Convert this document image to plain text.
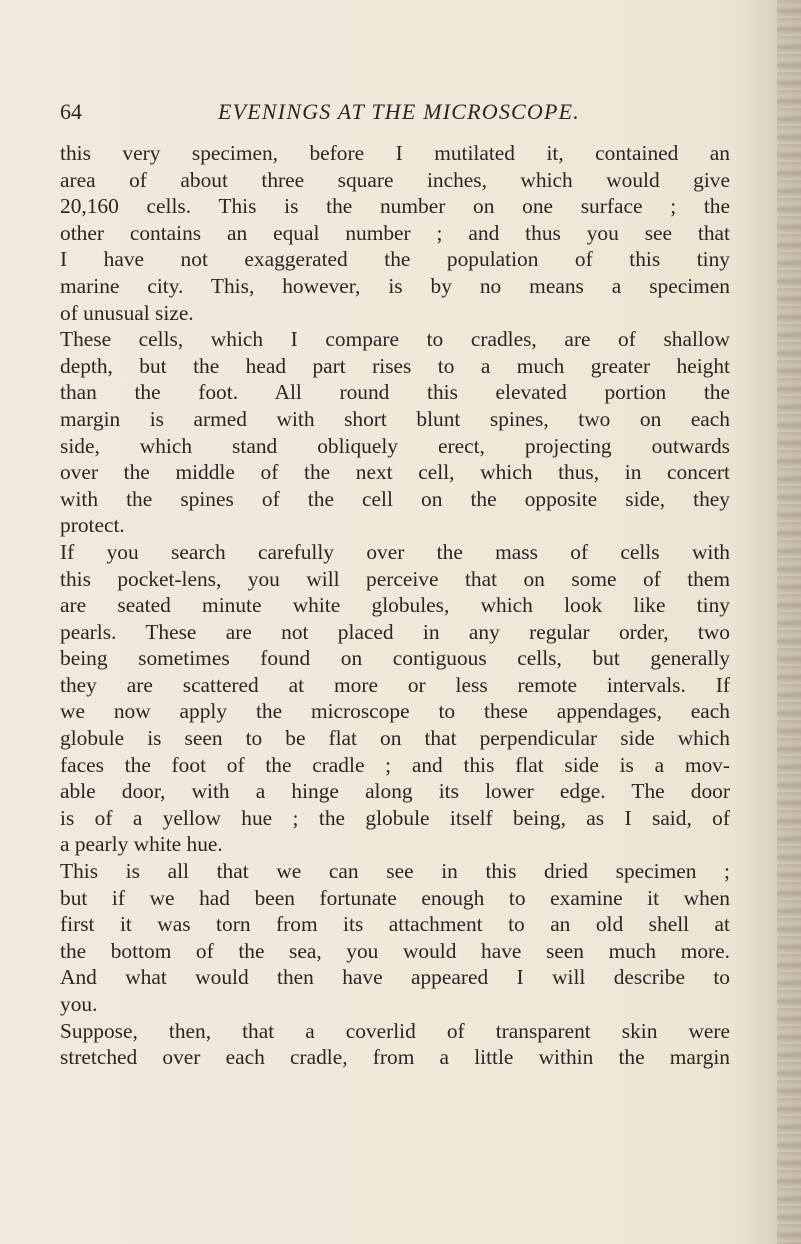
64	EVENINGS AT THE MICROSCOPE.
this very specimen, before I mutilated it, contained an
area of about three square inches, which would give
20,160 cells. This is the number on one surface ; the
other contains an equal number ; and thus you see that
I have not exaggerated the population of this tiny
marine city. This, however, is by no means a specimen
of unusual size.
These cells, which I compare to cradles, are of shallow
depth, but the head part rises to a much greater height
than the foot. All round this elevated portion the
margin is armed with short blunt spines, two on each
side, which stand obliquely erect, projecting outwards
over the middle of the next cell, which thus, in concert
with the spines of the cell on the opposite side, they
protect.
If you search carefully over the mass of cells with
this pocket-lens, you will perceive that on some of them
are seated minute white globules, which look like tiny
pearls. These are not placed in any regular order, two
being sometimes found on contiguous cells, but generally
they are scattered at more or less remote intervals. If
we now apply the microscope to these appendages, each
globule is seen to be flat on that perpendicular side which
faces the foot of the cradle ; and this flat side is a mov-
able door, with a hinge along its lower edge. The door
is of a yellow hue ; the globule itself being, as I said, of
a pearly white hue.
This is all that we can see in this dried specimen ;
but if we had been fortunate enough to examine it when
first it was torn from its attachment to an old shell at
the bottom of the sea, you would have seen much more.
And what would then have appeared I will describe to
you.
Suppose, then, that a coverlid of transparent skin were
stretched over each cradle, from a little within the margin
